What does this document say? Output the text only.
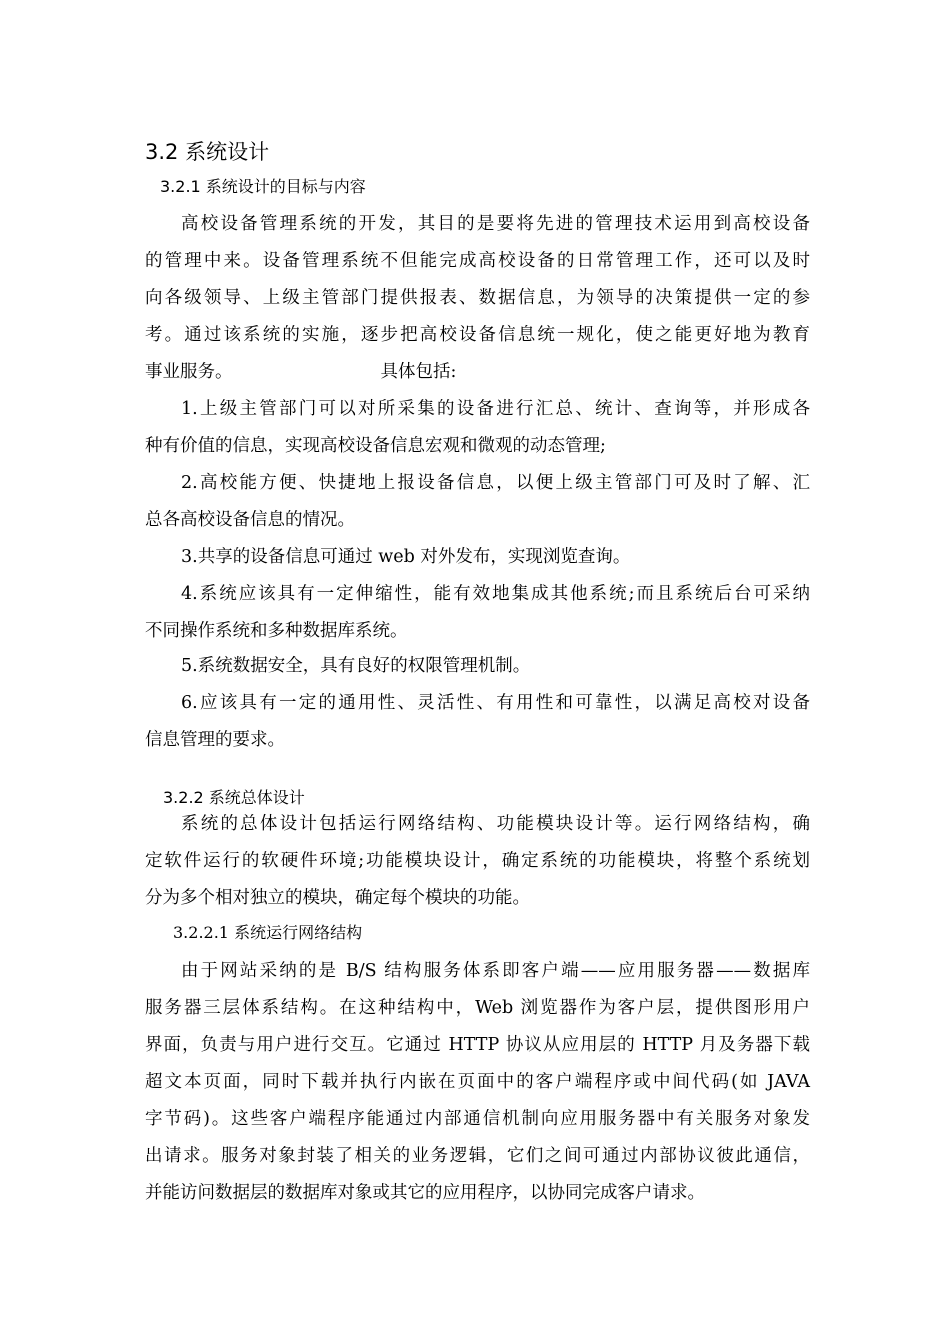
3.2 系统设计
3.2.1 系统设计的目标与内容
高校设备管理系统的开发，其目的是要将先进的管理技术运用到高校设备
的管理中来。设备管理系统不但能完成高校设备的日常管理工作，还可以及时
向各级领导、上级主管部门提供报表、数据信息，为领导的决策提供一定的参
考。通过该系统的实施，逐步把高校设备信息统一规化，使之能更好地为教育
事业服务。	具体包括:
1.上级主管部门可以对所采集的设备进行汇总、统计、查询等，并形成各
种有价值的信息，实现高校设备信息宏观和微观的动态管理;
2.高校能方便、快捷地上报设备信息，以便上级主管部门可及时了解、汇
总各高校设备信息的情况。
3.共享的设备信息可通过 web 对外发布，实现浏览查询。
4.系统应该具有一定伸缩性，能有效地集成其他系统;而且系统后台可采纳
不同操作系统和多种数据库系统。
5.系统数据安全，具有良好的权限管理机制。
6.应该具有一定的通用性、灵活性、有用性和可靠性，以满足高校对设备
信息管理的要求。
3.2.2 系统总体设计
系统的总体设计包括运行网络结构、功能模块设计等。运行网络结构，确
定软件运行的软硬件环境;功能模块设计，确定系统的功能模块，将整个系统划
分为多个相对独立的模块，确定每个模块的功能。
3.2.2.1 系统运行网络结构
由于网站采纳的是 B/S 结构服务体系即客户端——应用服务器——数据库
服务器三层体系结构。在这种结构中，Web 浏览器作为客户层，提供图形用户
界面，负责与用户进行交互。它通过 HTTP 协议从应用层的 HTTP 月及务器下载
超文本页面，同时下载并执行内嵌在页面中的客户端程序或中间代码(如 JAVA
字节码)。这些客户端程序能通过内部通信机制向应用服务器中有关服务对象发
出请求。服务对象封装了相关的业务逻辑，它们之间可通过内部协议彼此通信，
并能访问数据层的数据库对象或其它的应用程序，以协同完成客户请求。
